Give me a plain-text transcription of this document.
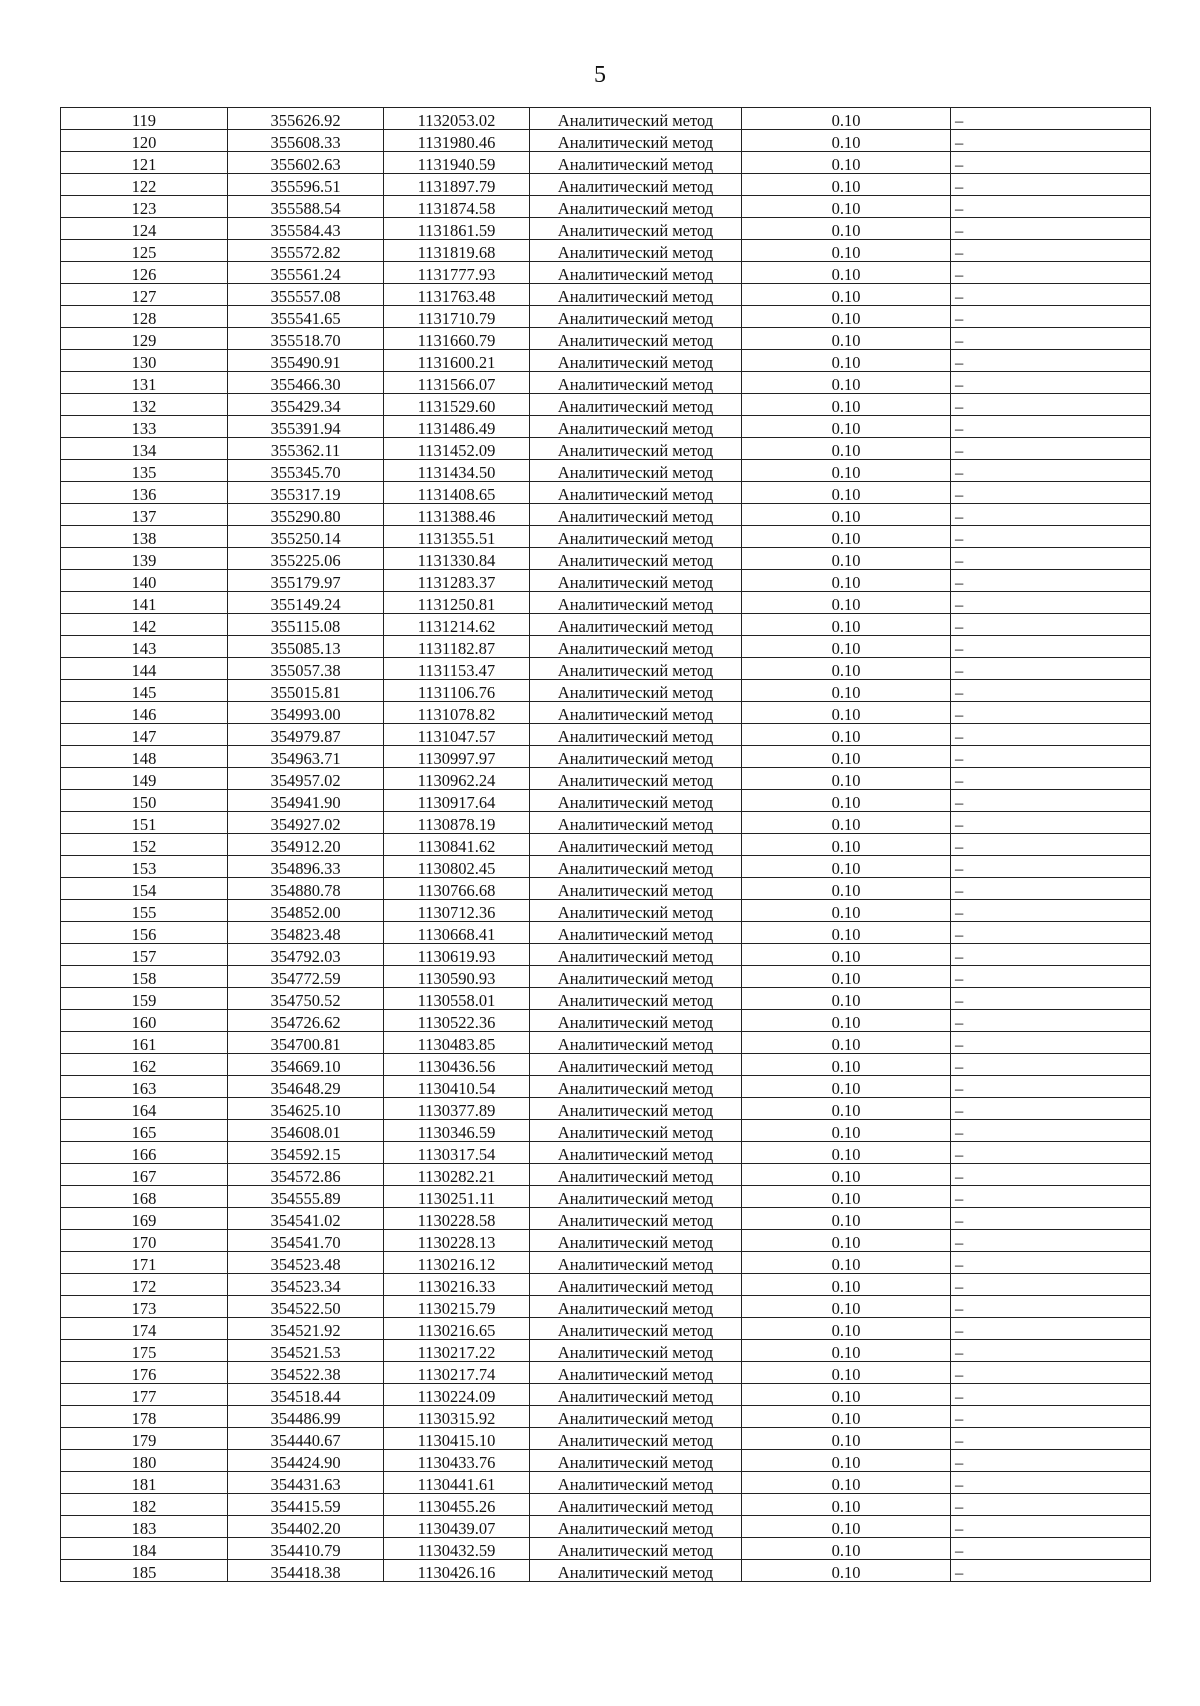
5
119	355626.92	1132053.02	Аналитический метод	0.10	–
120	355608.33	1131980.46	Аналитический метод	0.10	–
121	355602.63	1131940.59	Аналитический метод	0.10	–
122	355596.51	1131897.79	Аналитический метод	0.10	–
123	355588.54	1131874.58	Аналитический метод	0.10	–
124	355584.43	1131861.59	Аналитический метод	0.10	–
125	355572.82	1131819.68	Аналитический метод	0.10	–
126	355561.24	1131777.93	Аналитический метод	0.10	–
127	355557.08	1131763.48	Аналитический метод	0.10	–
128	355541.65	1131710.79	Аналитический метод	0.10	–
129	355518.70	1131660.79	Аналитический метод	0.10	–
130	355490.91	1131600.21	Аналитический метод	0.10	–
131	355466.30	1131566.07	Аналитический метод	0.10	–
132	355429.34	1131529.60	Аналитический метод	0.10	–
133	355391.94	1131486.49	Аналитический метод	0.10	–
134	355362.11	1131452.09	Аналитический метод	0.10	–
135	355345.70	1131434.50	Аналитический метод	0.10	–
136	355317.19	1131408.65	Аналитический метод	0.10	–
137	355290.80	1131388.46	Аналитический метод	0.10	–
138	355250.14	1131355.51	Аналитический метод	0.10	–
139	355225.06	1131330.84	Аналитический метод	0.10	–
140	355179.97	1131283.37	Аналитический метод	0.10	–
141	355149.24	1131250.81	Аналитический метод	0.10	–
142	355115.08	1131214.62	Аналитический метод	0.10	–
143	355085.13	1131182.87	Аналитический метод	0.10	–
144	355057.38	1131153.47	Аналитический метод	0.10	–
145	355015.81	1131106.76	Аналитический метод	0.10	–
146	354993.00	1131078.82	Аналитический метод	0.10	–
147	354979.87	1131047.57	Аналитический метод	0.10	–
148	354963.71	1130997.97	Аналитический метод	0.10	–
149	354957.02	1130962.24	Аналитический метод	0.10	–
150	354941.90	1130917.64	Аналитический метод	0.10	–
151	354927.02	1130878.19	Аналитический метод	0.10	–
152	354912.20	1130841.62	Аналитический метод	0.10	–
153	354896.33	1130802.45	Аналитический метод	0.10	–
154	354880.78	1130766.68	Аналитический метод	0.10	–
155	354852.00	1130712.36	Аналитический метод	0.10	–
156	354823.48	1130668.41	Аналитический метод	0.10	–
157	354792.03	1130619.93	Аналитический метод	0.10	–
158	354772.59	1130590.93	Аналитический метод	0.10	–
159	354750.52	1130558.01	Аналитический метод	0.10	–
160	354726.62	1130522.36	Аналитический метод	0.10	–
161	354700.81	1130483.85	Аналитический метод	0.10	–
162	354669.10	1130436.56	Аналитический метод	0.10	–
163	354648.29	1130410.54	Аналитический метод	0.10	–
164	354625.10	1130377.89	Аналитический метод	0.10	–
165	354608.01	1130346.59	Аналитический метод	0.10	–
166	354592.15	1130317.54	Аналитический метод	0.10	–
167	354572.86	1130282.21	Аналитический метод	0.10	–
168	354555.89	1130251.11	Аналитический метод	0.10	–
169	354541.02	1130228.58	Аналитический метод	0.10	–
170	354541.70	1130228.13	Аналитический метод	0.10	–
171	354523.48	1130216.12	Аналитический метод	0.10	–
172	354523.34	1130216.33	Аналитический метод	0.10	–
173	354522.50	1130215.79	Аналитический метод	0.10	–
174	354521.92	1130216.65	Аналитический метод	0.10	–
175	354521.53	1130217.22	Аналитический метод	0.10	–
176	354522.38	1130217.74	Аналитический метод	0.10	–
177	354518.44	1130224.09	Аналитический метод	0.10	–
178	354486.99	1130315.92	Аналитический метод	0.10	–
179	354440.67	1130415.10	Аналитический метод	0.10	–
180	354424.90	1130433.76	Аналитический метод	0.10	–
181	354431.63	1130441.61	Аналитический метод	0.10	–
182	354415.59	1130455.26	Аналитический метод	0.10	–
183	354402.20	1130439.07	Аналитический метод	0.10	–
184	354410.79	1130432.59	Аналитический метод	0.10	–
185	354418.38	1130426.16	Аналитический метод	0.10	–
